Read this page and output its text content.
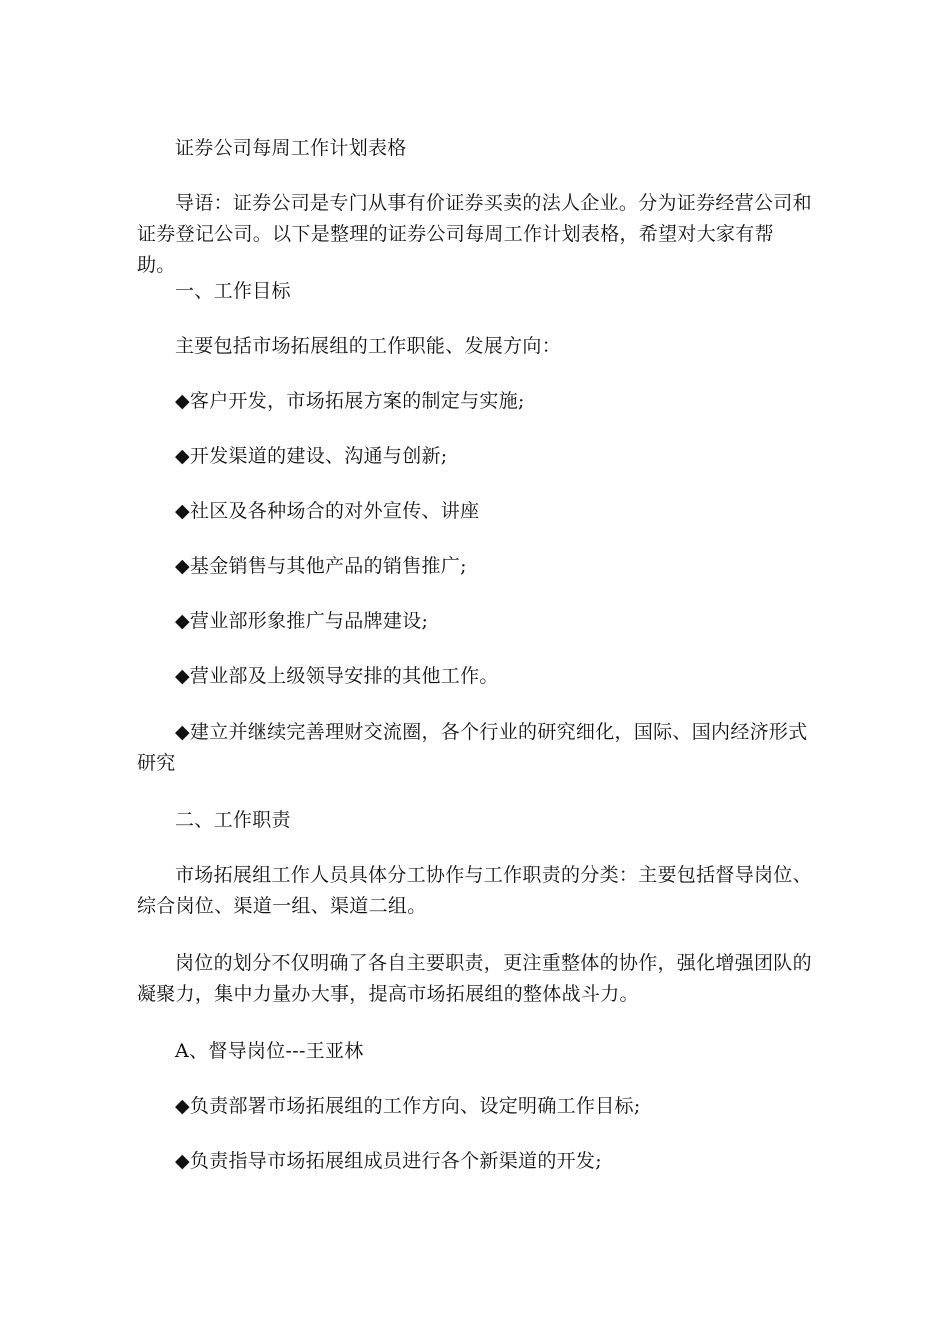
证券公司每周工作计划表格

导语：证券公司是专门从事有价证券买卖的法人企业。分为证券经营公司和证券登记公司。以下是整理的证券公司每周工作计划表格，希望对大家有帮助。

一、工作目标

主要包括市场拓展组的工作职能、发展方向：

◆客户开发，市场拓展方案的制定与实施;

◆开发渠道的建设、沟通与创新;

◆社区及各种场合的对外宣传、讲座

◆基金销售与其他产品的销售推广;

◆营业部形象推广与品牌建设;

◆营业部及上级领导安排的其他工作。

◆建立并继续完善理财交流圈，各个行业的研究细化，国际、国内经济形式研究

二、工作职责

市场拓展组工作人员具体分工协作与工作职责的分类：主要包括督导岗位、综合岗位、渠道一组、渠道二组。

岗位的划分不仅明确了各自主要职责，更注重整体的协作，强化增强团队的凝聚力，集中力量办大事，提高市场拓展组的整体战斗力。

A、督导岗位---王亚林

◆负责部署市场拓展组的工作方向、设定明确工作目标;

◆负责指导市场拓展组成员进行各个新渠道的开发;
